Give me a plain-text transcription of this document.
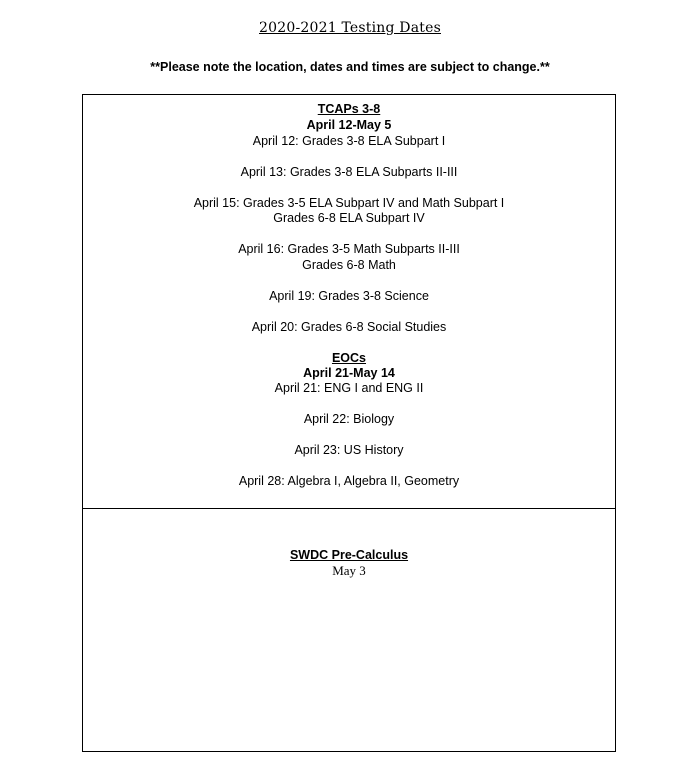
2020-2021 Testing Dates
**Please note the location, dates and times are subject to change.**
TCAPs 3-8
April 12-May 5
April 12: Grades 3-8 ELA Subpart I
April 13: Grades 3-8 ELA Subparts II-III
April 15: Grades 3-5 ELA Subpart IV and Math Subpart I
Grades 6-8 ELA Subpart IV
April 16: Grades 3-5 Math Subparts II-III
Grades 6-8 Math
April 19: Grades 3-8 Science
April 20: Grades 6-8 Social Studies
EOCs
April 21-May 14
April 21: ENG I and ENG II
April 22: Biology
April 23: US History
April 28: Algebra I, Algebra II, Geometry
SWDC Pre-Calculus
May 3
